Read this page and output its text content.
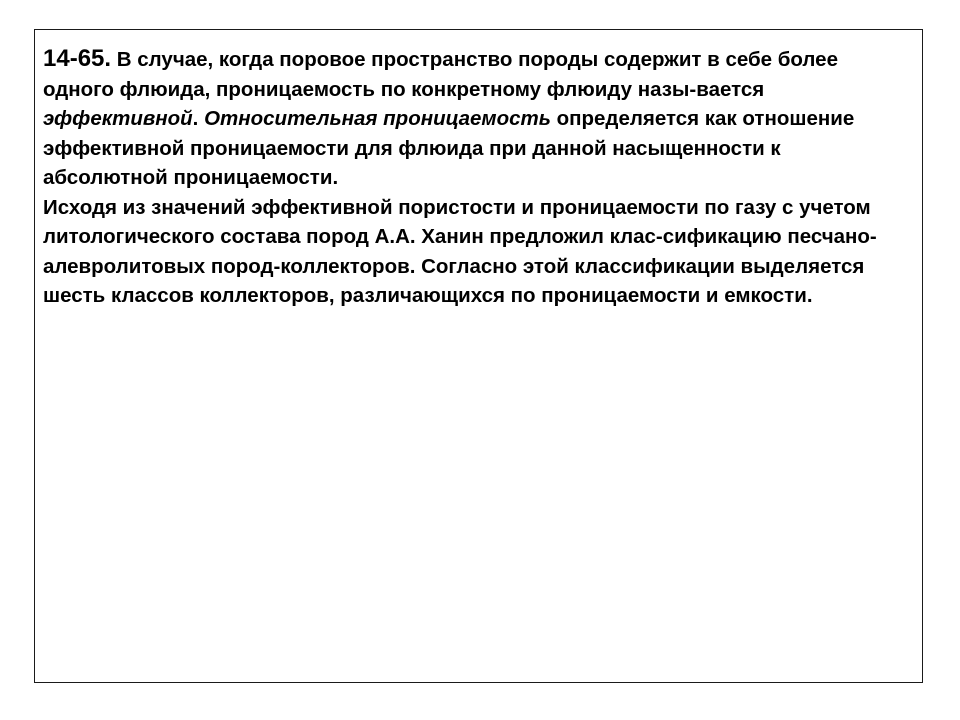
14-65. В случае, когда поровое пространство породы содержит в себе более одного флюида, проницаемость по конкретному флюиду назы-вается эффективной. Относительная проницаемость определяется как отношение эффективной проницаемости для флюида при данной насыщенности к абсолютной проницаемости.

Исходя из значений эффективной пористости и проницаемости по газу с учетом литологического состава пород А.А. Ханин предложил клас-сификацию песчано-алевролитовых пород-коллекторов. Согласно этой классификации выделяется шесть классов коллекторов, различающихся по проницаемости и емкости.
